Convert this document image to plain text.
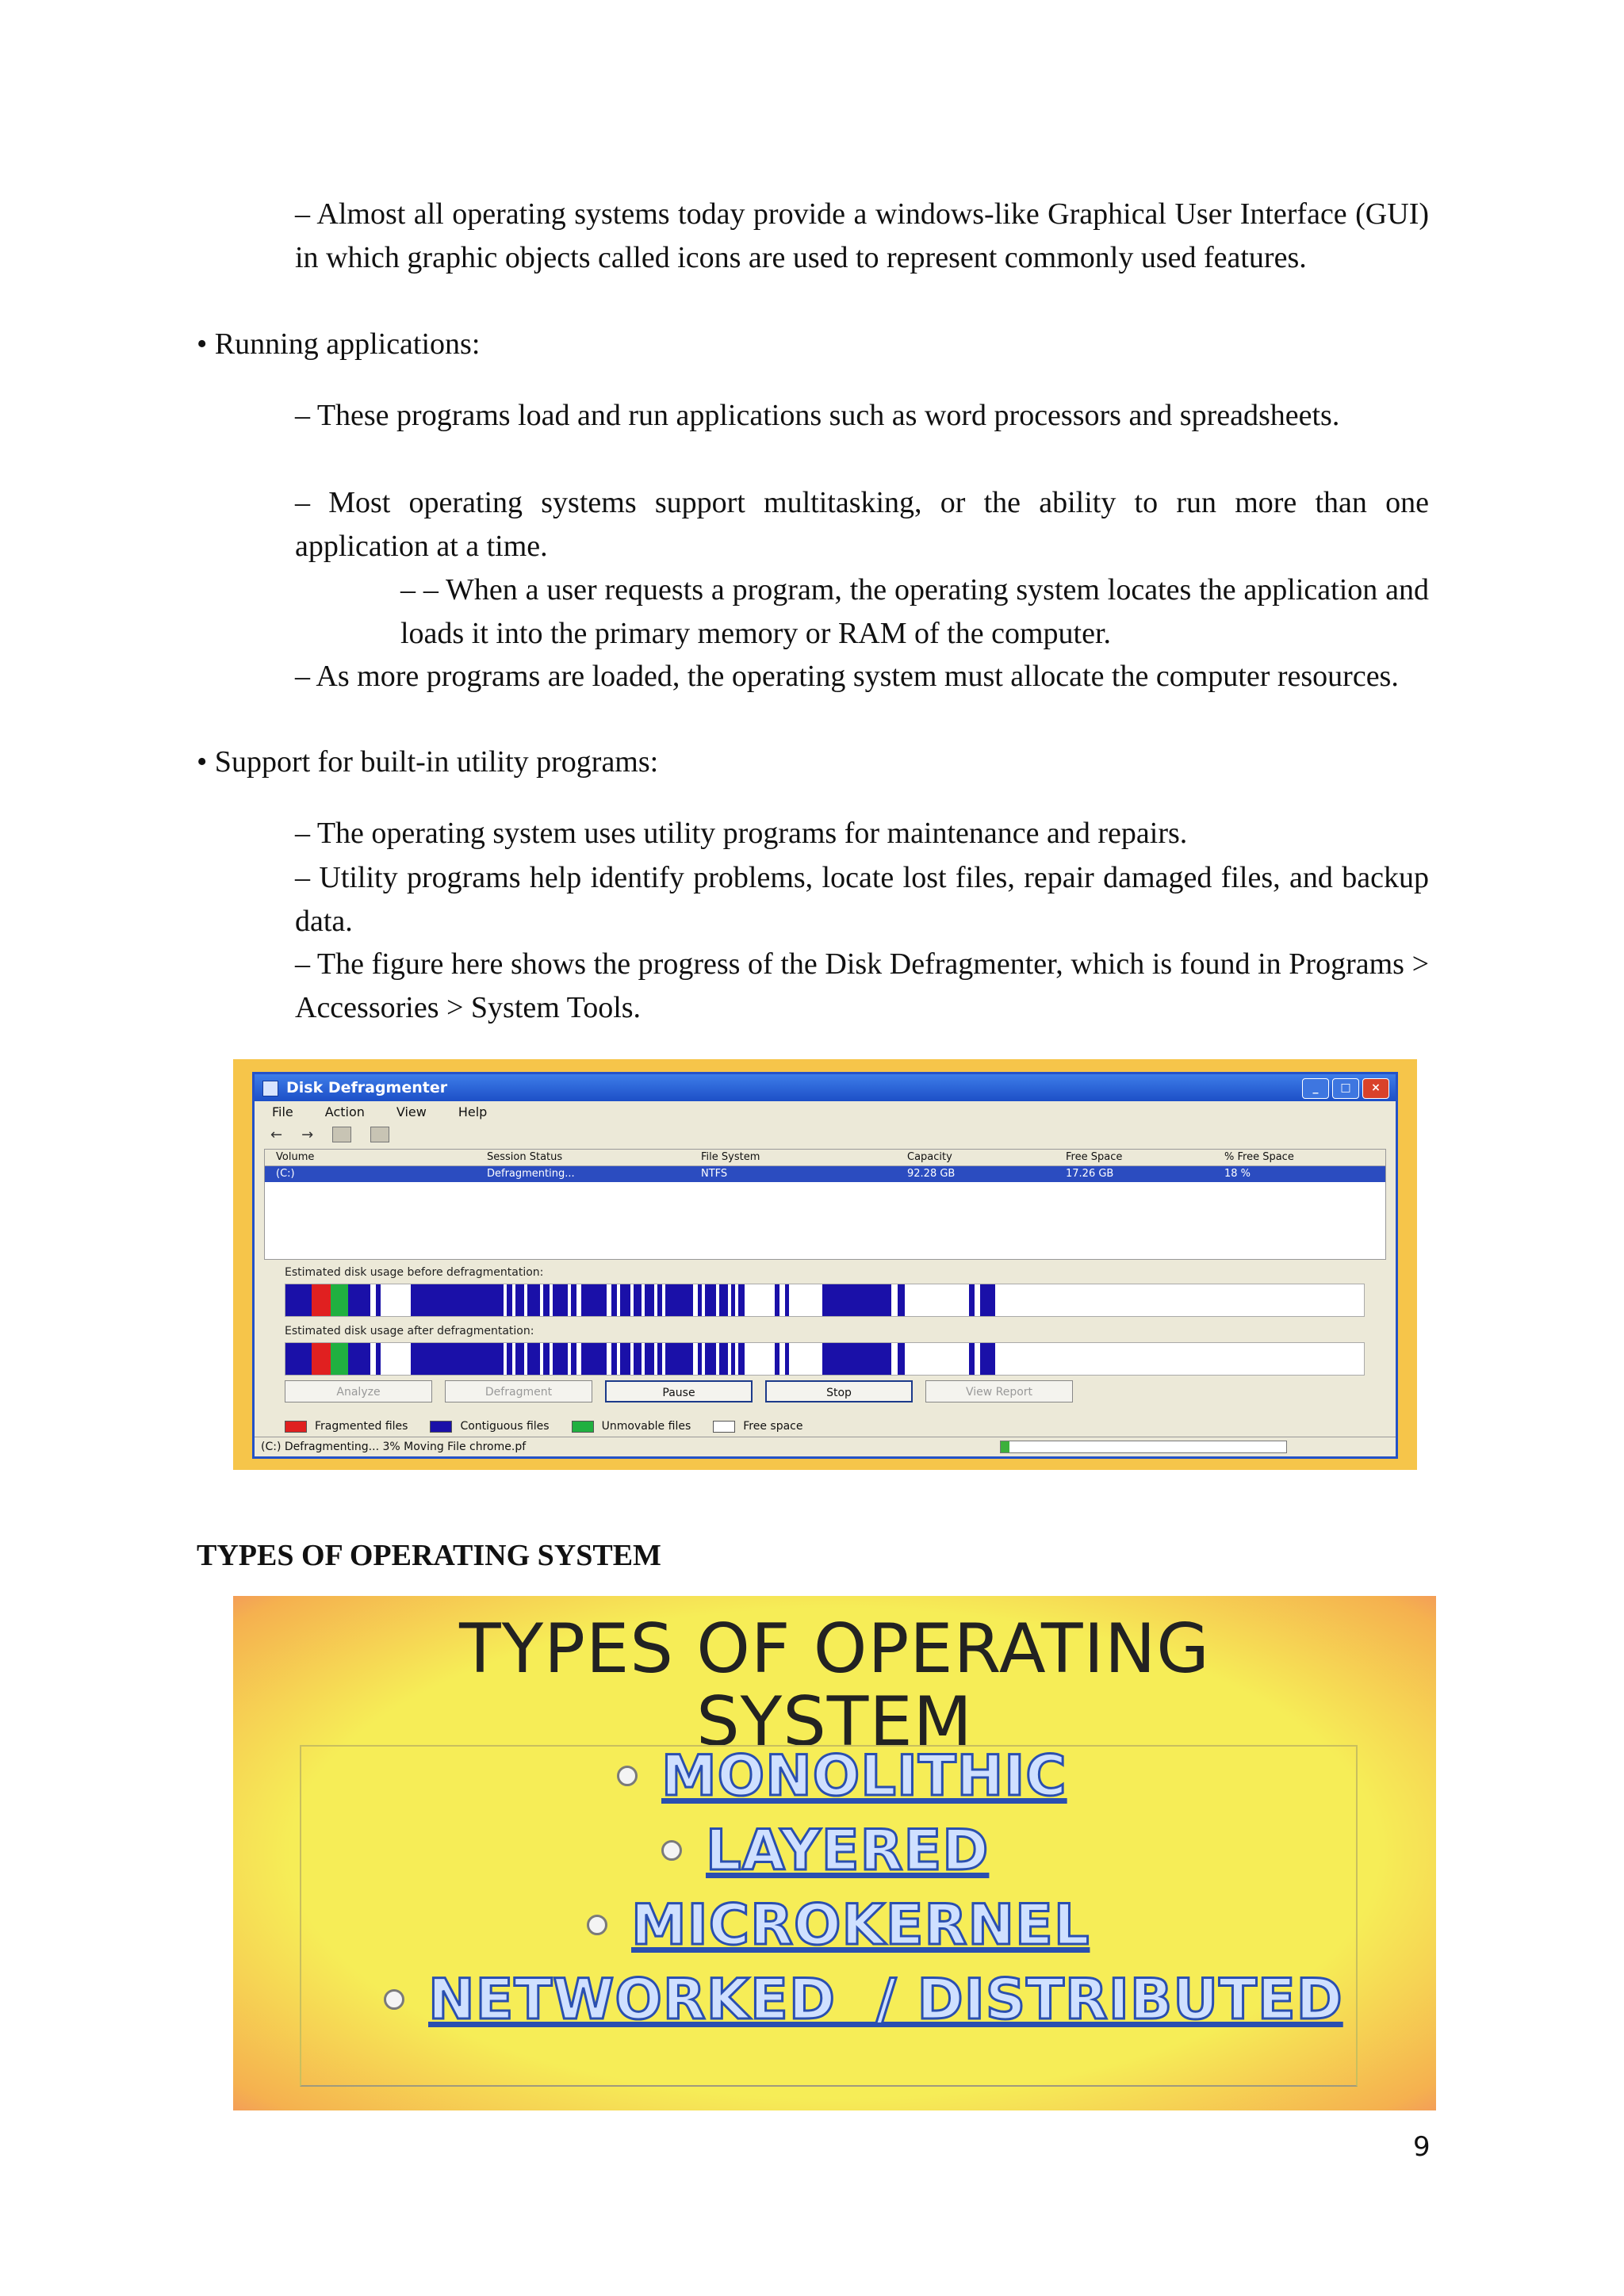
– Almost all operating systems today provide a windows-like Graphical User Interface (GUI) in which graphic objects called icons are used to represent commonly used features.

• Running applications:

– These programs load and run applications such as word processors and spreadsheets.

– Most operating systems support multitasking, or the ability to run more than one application at a time.

– – When a user requests a program, the operating system locates the application and loads it into the primary memory or RAM of the computer.

– As more programs are loaded, the operating system must allocate the computer resources.

• Support for built-in utility programs:

– The operating system uses utility programs for maintenance and repairs.

– Utility programs help identify problems, locate lost files, repair damaged files, and backup data.

– The figure here shows the progress of the Disk Defragmenter, which is found in Programs > Accessories > System Tools.

Disk Defragmenter	_	□	×
File	Action	View	Help
← →
Volume	Session Status	File System	Capacity	Free Space	% Free Space
(C:)	Defragmenting...	NTFS	92.28 GB	17.26 GB	18 %
Estimated disk usage before defragmentation:
Estimated disk usage after defragmentation:
Analyze	Defragment	Pause	Stop	View Report
Fragmented files	Contiguous files	Unmovable files	Free space
(C:) Defragmenting... 3% Moving File chrome.pf

TYPES OF OPERATING SYSTEM

TYPES OF OPERATING
SYSTEM
MONOLITHIC
LAYERED
MICROKERNEL
NETWORKED  / DISTRIBUTED
9
